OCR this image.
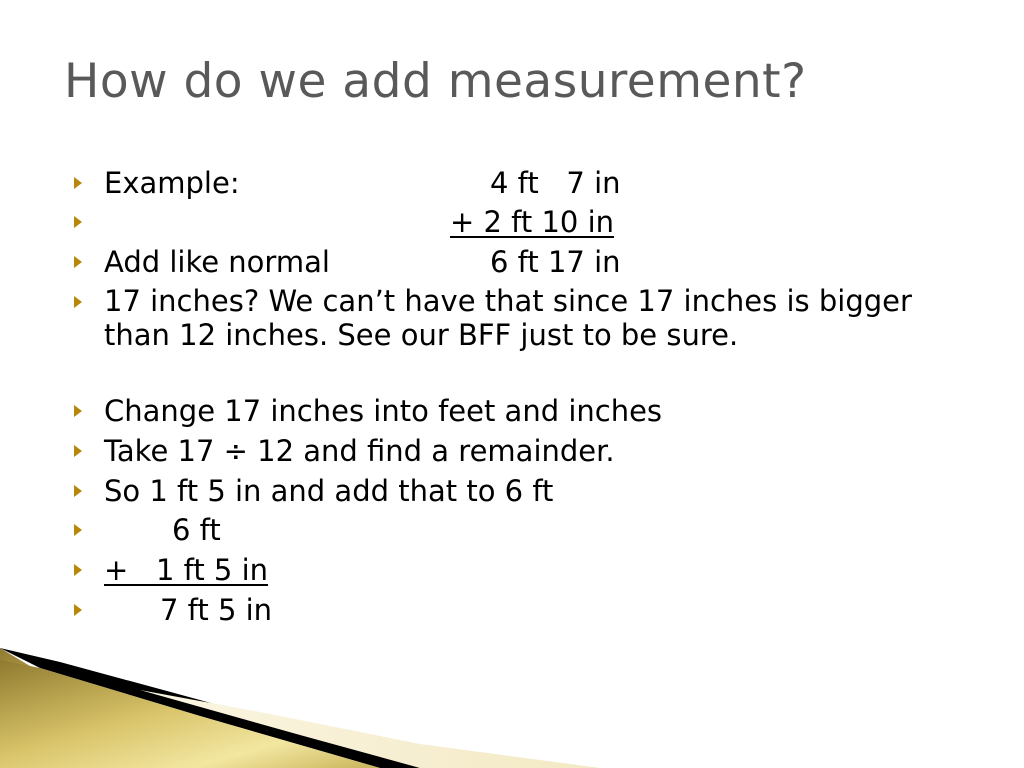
How do we add measurement?
Example:	4 ft   7 in
+ 2 ft 10 in
Add like normal	6 ft 17 in
17 inches? We can’t have that since 17 inches is bigger than 12 inches. See our BFF just to be sure.
Change 17 inches into feet and inches
Take 17 ÷ 12 and find a remainder.
So 1 ft 5 in and add that to 6 ft
6 ft
+   1 ft 5 in
7 ft 5 in
